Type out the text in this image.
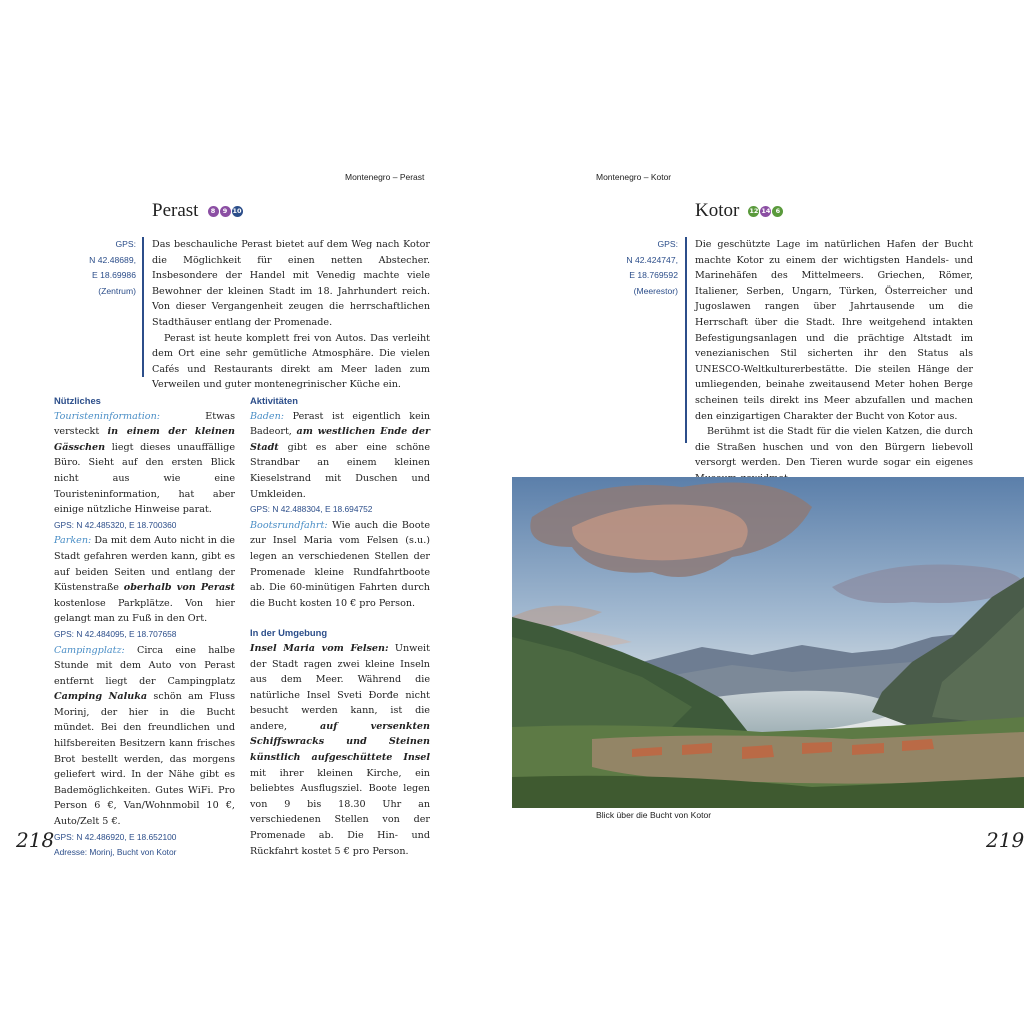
Montenegro – Perast
Perast	8	9 10
GPS:
N 42.48689,
E 18.69986
(Zentrum)

Das beschauliche Perast bietet auf dem Weg nach Kotor die Möglichkeit für einen netten Abstecher. Insbesondere der Handel mit Venedig machte viele Bewohner der kleinen Stadt im 18. Jahrhundert reich. Von dieser Vergangenheit zeugen die herrschaftlichen Stadthäuser entlang der Promenade.

Perast ist heute komplett frei von Autos. Das verleiht dem Ort eine sehr gemütliche Atmosphäre. Die vielen Cafés und Restaurants direkt am Meer laden zum Verweilen und guter montenegrinischer Küche ein.

Nützliches

Touristeninformation: Etwas versteckt in einem der kleinen Gässchen liegt dieses unauffällige Büro. Sieht auf den ersten Blick nicht aus wie eine Touristeninformation, hat aber einige nützliche Hinweise parat.

GPS: N 42.485320, E 18.700360

Parken: Da mit dem Auto nicht in die Stadt gefahren werden kann, gibt es auf beiden Seiten und entlang der Küstenstraße oberhalb von Perast kostenlose Parkplätze. Von hier gelangt man zu Fuß in den Ort.

GPS: N 42.484095, E 18.707658

Campingplatz: Circa eine halbe Stunde mit dem Auto von Perast entfernt liegt der Campingplatz Camping Naluka schön am Fluss Morinj, der hier in die Bucht mündet. Bei den freundlichen und hilfsbereiten Besitzern kann frisches Brot bestellt werden, das morgens geliefert wird. In der Nähe gibt es Bademöglichkeiten. Gutes WiFi. Pro Person 6 €, Van/Wohnmobil 10 €, Auto/Zelt 5 €.

GPS: N 42.486920, E 18.652100

Adresse: Morinj, Bucht von Kotor

Aktivitäten

Baden: Perast ist eigentlich kein Badeort, am westlichen Ende der Stadt gibt es aber eine schöne Strandbar an einem kleinen Kieselstrand mit Duschen und Umkleiden.

GPS: N 42.488304, E 18.694752

Bootsrundfahrt: Wie auch die Boote zur Insel Maria vom Felsen (s.u.) legen an verschiedenen Stellen der Promenade kleine Rundfahrtboote ab. Die 60-minütigen Fahrten durch die Bucht kosten 10 € pro Person.

In der Umgebung

Insel Maria vom Felsen: Unweit der Stadt ragen zwei kleine Inseln aus dem Meer. Während die natürliche Insel Sveti Đorđe nicht besucht werden kann, ist die andere, auf versenkten Schiffswracks und Steinen künstlich aufgeschüttete Insel mit ihrer kleinen Kirche, ein beliebtes Ausflugsziel. Boote legen von 9 bis 18.30 Uhr an verschiedenen Stellen von der Promenade ab. Die Hin- und Rückfahrt kostet 5 € pro Person.

218
Montenegro – Kotor
Kotor 12 14 6
GPS:
N 42.424747,
E 18.769592
(Meerestor)

Die geschützte Lage im natürlichen Hafen der Bucht machte Kotor zu einem der wichtigsten Handels- und Marinehäfen des Mittelmeers. Griechen, Römer, Italiener, Serben, Ungarn, Türken, Österreicher und Jugoslawen rangen über Jahrtausende um die Herrschaft über die Stadt. Ihre weitgehend intakten Befestigungsanlagen und die prächtige Altstadt im venezianischen Stil sicherten ihr den Status als UNESCO-Weltkulturerbestätte. Die steilen Hänge der umliegenden, beinahe zweitausend Meter hohen Berge scheinen teils direkt ins Meer abzufallen und machen den einzigartigen Charakter der Bucht von Kotor aus.

Berühmt ist die Stadt für die vielen Katzen, die durch die Straßen huschen und von den Bürgern liebevoll versorgt werden. Den Tieren wurde sogar ein eigenes

Blick über die Bucht von Kotor
219
